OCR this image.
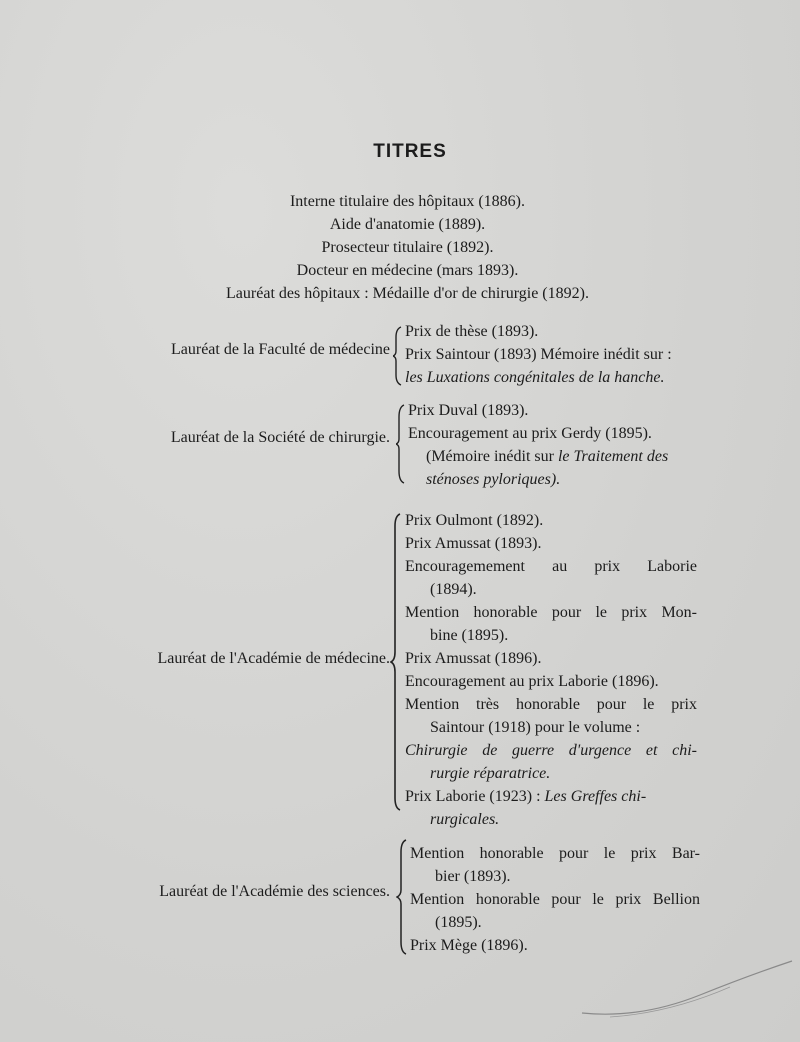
TITRES
Interne titulaire des hôpitaux (1886).
Aide d'anatomie (1889).
Prosecteur titulaire (1892).
Docteur en médecine (mars 1893).
Lauréat des hôpitaux : Médaille d'or de chirurgie (1892).
Lauréat de la Faculté de médecine
Prix de thèse (1893).
Prix Saintour (1893) Mémoire inédit sur :
les Luxations congénitales de la hanche.
Lauréat de la Société de chirurgie.
Prix Duval (1893).
Encouragement au prix Gerdy (1895).
(Mémoire inédit sur le Traitement des
sténoses pyloriques).
Lauréat de l'Académie de médecine.
Prix Oulmont (1892).
Prix Amussat (1893).
Encouragemement au prix Laborie
(1894).
Mention honorable pour le prix Mon-
bine (1895).
Prix Amussat (1896).
Encouragement au prix Laborie (1896).
Mention très honorable pour le prix
Saintour (1918) pour le volume :
Chirurgie de guerre d'urgence et chi-
rurgie réparatrice.
Prix Laborie (1923) : Les Greffes chi-
rurgicales.
Lauréat de l'Académie des sciences.
Mention honorable pour le prix Bar-
bier (1893).
Mention honorable pour le prix Bellion
(1895).
Prix Mège (1896).
